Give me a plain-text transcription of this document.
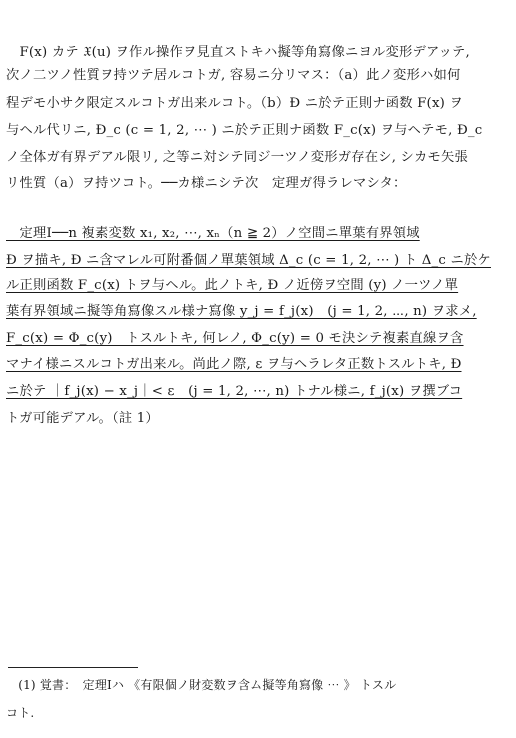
　F(x) カテ 𝔛(u) ヲ作ル操作ヲ見直ストキハ擬等角寫像ニヨル変形デアッテ,
次ノ二ツノ性質ヲ持ツテ居ルコトガ, 容易ニ分リマス：（a）此ノ変形ハ如何
程デモ小サク限定スルコトガ出来ルコト。（b）Ð ニ於テ正則ナ函数 F(x) ヲ
与ヘル代リニ, Ð_c (c = 1, 2, ⋯ ) ニ於テ正則ナ函数 F_c(x) ヲ与ヘテモ, Ð_c
ノ全体ガ有界デアル限リ, 之等ニ対シテ同ジ一ツノ変形ガ存在シ, シカモ矢張
リ性質（a）ヲ持ツコト。──カ様ニシテ次　定理ガ得ラレマシタ：
　定理Ⅰ──n 複素変数 x₁, x₂, ⋯, xₙ（n ≧ 2）ノ空間ニ單葉有界領域
Ð ヲ描キ, Ð ニ含マレル可附番個ノ單葉領域 Δ_c (c = 1, 2, ⋯ ) ト Δ_c ニ於ケ
ル正則函数 F_c(x) トヲ与ヘル。此ノトキ, Ð ノ近傍ヲ空間 (y) ノ一ツノ單
葉有界領域ニ擬等角寫像スル様ナ寫像 y_j = f_j(x)　(j = 1, 2, ⋯, n) ヲ求メ,
F_c(x) = Φ_c(y)　トスルトキ, 何レノ, Φ_c(y) = 0 モ決シテ複素直線ヲ含
マナイ様ニスルコトガ出来ル。尚此ノ際, ε ヲ与ヘラレタ正数トスルトキ, Ð
ニ於テ ｜f_j(x) − x_j｜< ε　(j = 1, 2, ⋯, n) トナル様ニ, f_j(x) ヲ撰ブコ
トガ可能デアル。（註 1）
　(1) 覚書：　定理Ⅰハ 《有限個ノ財変数ヲ含ム擬等角寫像 ⋯ 》 トスル
コト.
